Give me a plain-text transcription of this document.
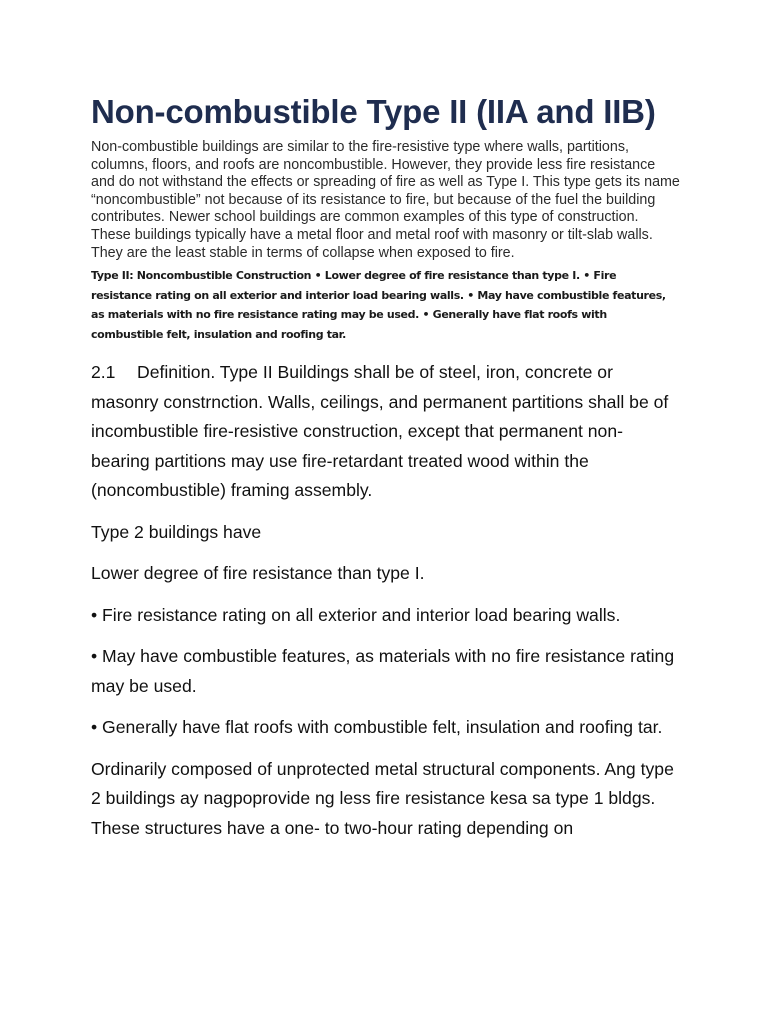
Non-combustible Type II (IIA and IIB)

Non-combustible buildings are similar to the fire-resistive type where walls, partitions, columns, floors, and roofs are noncombustible. However, they provide less fire resistance and do not withstand the effects or spreading of fire as well as Type I. This type gets its name “noncombustible” not because of its resistance to fire, but because of the fuel the building contributes. Newer school buildings are common examples of this type of construction. These buildings typically have a metal floor and metal roof with masonry or tilt-slab walls. They are the least stable in terms of collapse when exposed to fire.

Type II: Noncombustible Construction • Lower degree of fire resistance than type I. • Fire resistance rating on all exterior and interior load bearing walls. • May have combustible features, as materials with no fire resistance rating may be used. • Generally have flat roofs with combustible felt, insulation and roofing tar.

2.1 Definition. Type II Buildings shall be of steel, iron, concrete or masonry constrnction. Walls, ceilings, and permanent partitions shall be of incombustible fire-resistive construction, except that permanent non-bearing partitions may use fire-retardant treated wood within the (noncombustible) framing assembly.

Type 2 buildings have

Lower degree of fire resistance than type I.

• Fire resistance rating on all exterior and interior load bearing walls.

• May have combustible features, as materials with no fire resistance rating may be used.

• Generally have flat roofs with combustible felt, insulation and roofing tar.

Ordinarily composed of unprotected metal structural components. Ang type 2 buildings ay nagpoprovide ng less fire resistance kesa sa type 1 bldgs. These structures have a one- to two-hour rating depending on
